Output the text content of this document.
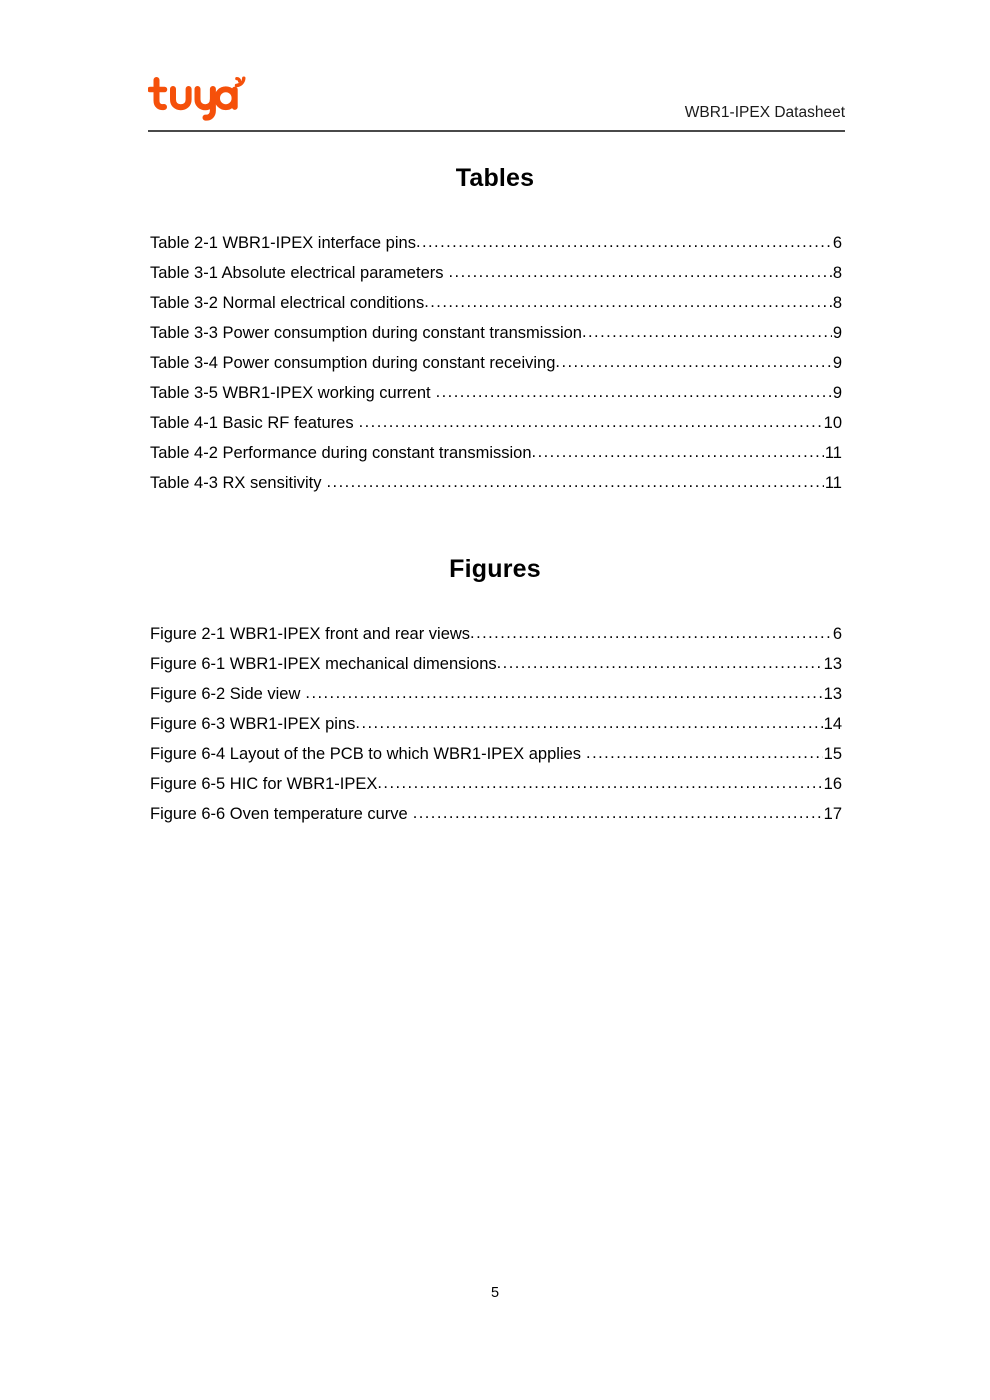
WBR1-IPEX Datasheet
Tables
Table 2-1 WBR1-IPEX interface pins .....	6
Table 3-1 Absolute electrical parameters .....	8
Table 3-2 Normal electrical conditions .....	8
Table 3-3 Power consumption during constant transmission .....	9
Table 3-4 Power consumption during constant receiving .....	9
Table 3-5 WBR1-IPEX working current .....	9
Table 4-1 Basic RF features .....	10
Table 4-2 Performance during constant transmission .....	11
Table 4-3 RX sensitivity .....	11
Figures
Figure 2-1 WBR1-IPEX front and rear views .....	6
Figure 6-1 WBR1-IPEX mechanical dimensions .....	13
Figure 6-2 Side view .....	13
Figure 6-3 WBR1-IPEX pins .....	14
Figure 6-4 Layout of the PCB to which WBR1-IPEX applies .....	15
Figure 6-5 HIC for WBR1-IPEX .....	16
Figure 6-6 Oven temperature curve .....	17
5
